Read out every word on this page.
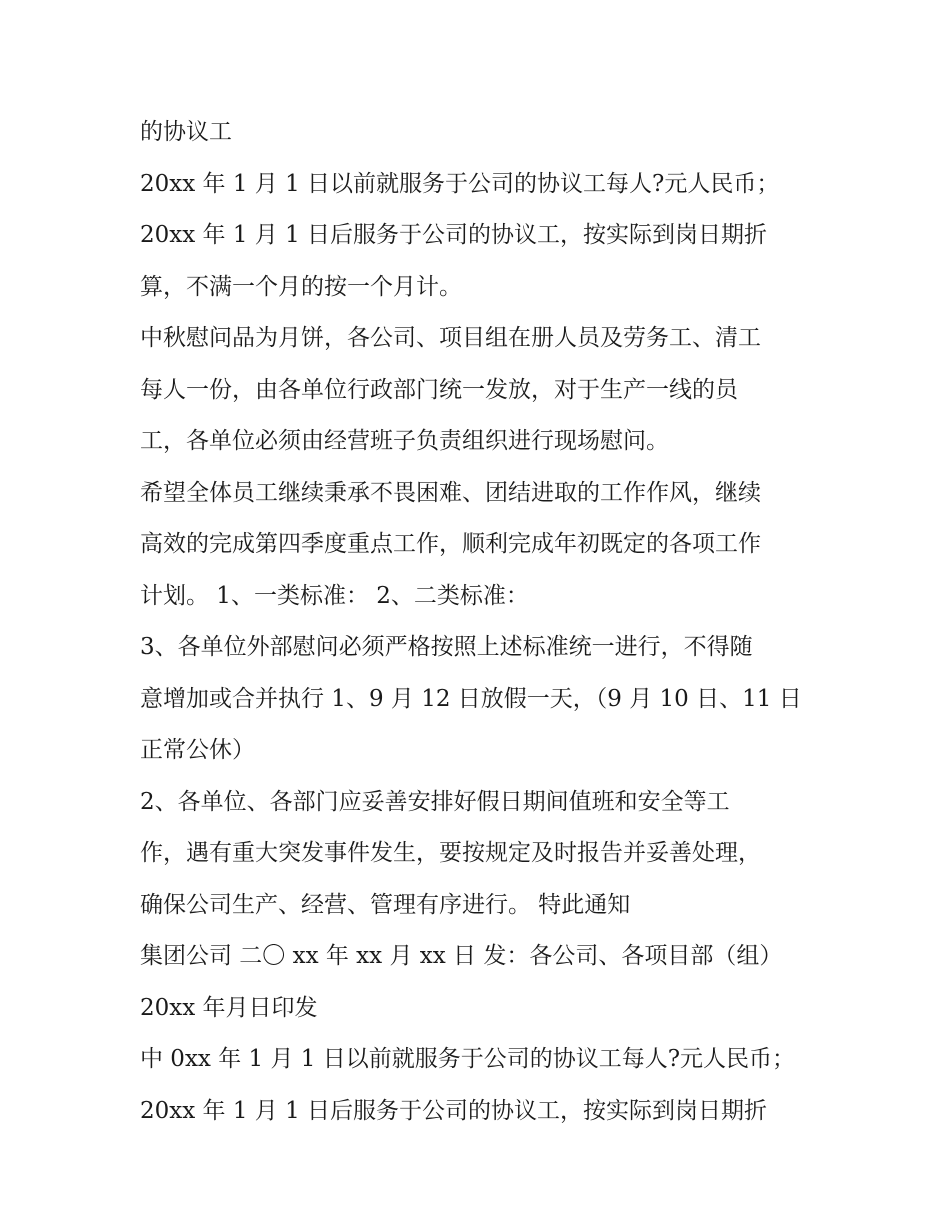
的协议工
20xx 年 1 月 1 日以前就服务于公司的协议工每人?元人民币；
20xx 年 1 月 1 日后服务于公司的协议工，按实际到岗日期折
算，不满一个月的按一个月计。
中秋慰问品为月饼，各公司、项目组在册人员及劳务工、清工
每人一份，由各单位行政部门统一发放，对于生产一线的员
工，各单位必须由经营班子负责组织进行现场慰问。
希望全体员工继续秉承不畏困难、团结进取的工作作风，继续
高效的完成第四季度重点工作，顺利完成年初既定的各项工作
计划。 1、一类标准： 2、二类标准：
3、各单位外部慰问必须严格按照上述标准统一进行，不得随
意增加或合并执行 1、9 月 12 日放假一天，（9 月 10 日、11 日
正常公休）
2、各单位、各部门应妥善安排好假日期间值班和安全等工
作，遇有重大突发事件发生，要按规定及时报告并妥善处理，
确保公司生产、经营、管理有序进行。 特此通知
集团公司 二〇 xx 年 xx 月 xx 日 发：各公司、各项目部（组）
20xx 年月日印发
中 0xx 年 1 月 1 日以前就服务于公司的协议工每人?元人民币；
20xx 年 1 月 1 日后服务于公司的协议工，按实际到岗日期折
